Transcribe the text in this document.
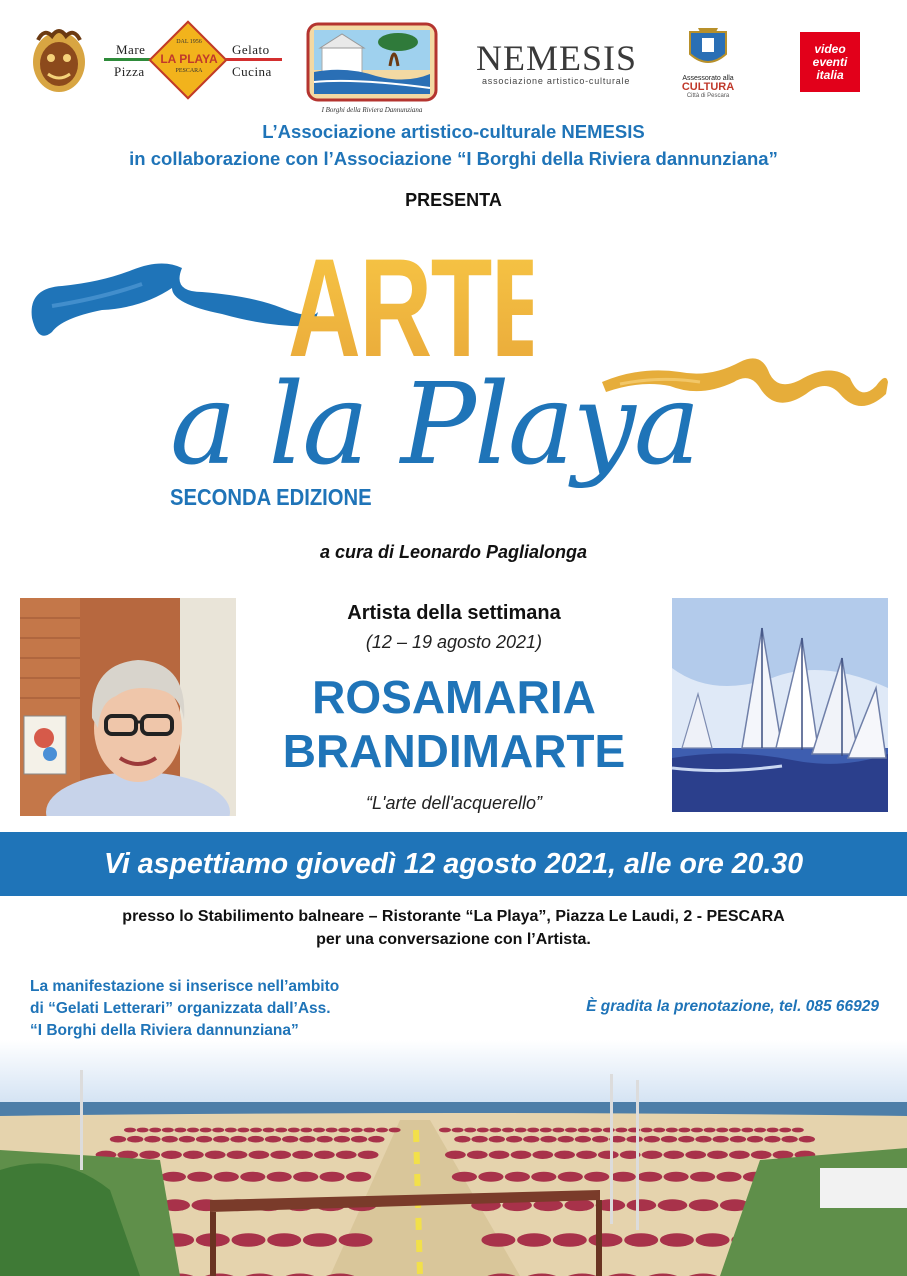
Mare
Pizza
Gelato
Cucina
LA PLAYA
DAL 1956
PESCARA
I Borghi della Riviera Dannunziana
NEMESIS
associazione artistico-culturale	Assessorato alla
CULTURA
Città di Pescara
video
eventi
italia
L’Associazione artistico-culturale NEMESIS
in collaborazione con l’Associazione “I Borghi della Riviera dannunziana”
PRESENTA
ARTE
a la Playa
SECONDA EDIZIONE
a cura di Leonardo Paglialonga
Artista della settimana
(12 – 19 agosto 2021)
ROSAMARIA
BRANDIMARTE
“L'arte dell'acquerello”
Vi aspettiamo giovedì 12 agosto 2021, alle ore 20.30
presso lo Stabilimento balneare – Ristorante “La Playa”, Piazza Le Laudi, 2 - PESCARA
per una conversazione con l’Artista.
La manifestazione si inserisce nell’ambito
di “Gelati Letterari” organizzata dall’Ass.
“I Borghi della Riviera dannunziana”
È gradita la prenotazione, tel. 085 66929
